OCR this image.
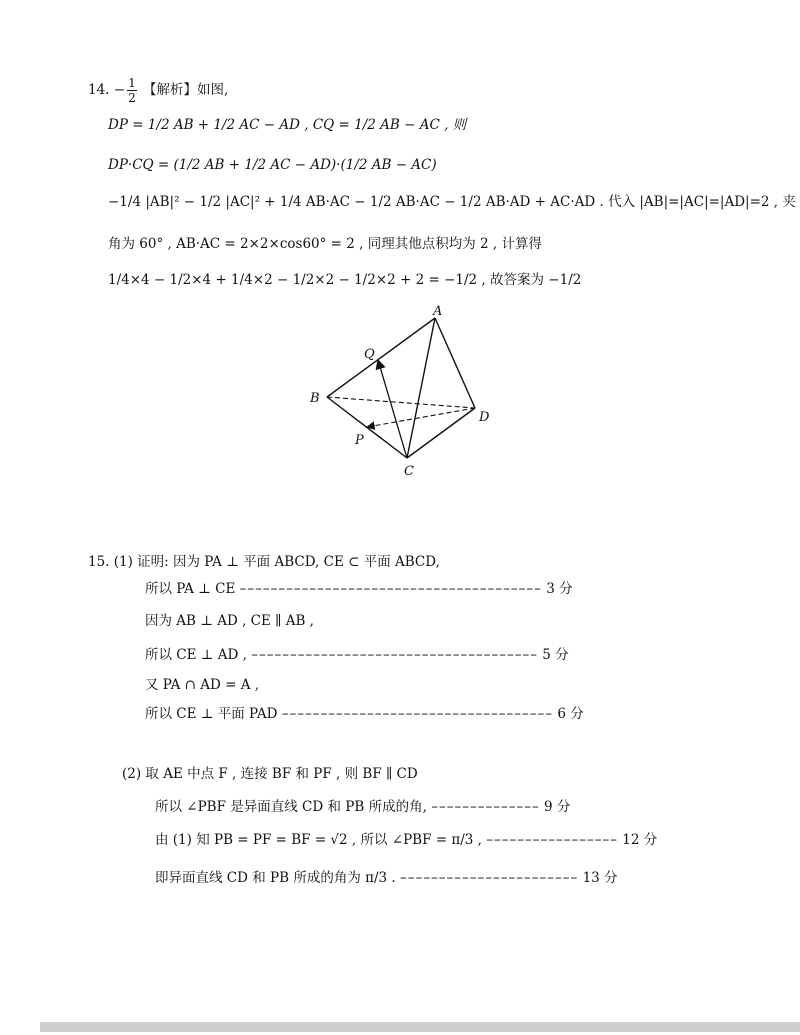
14. − $\frac{1}{2}$ 【解析】如图,
DP = 1/2 AB + 1/2 AC − AD , CQ = 1/2 AB − AC , 则
DP·CQ = (1/2 AB + 1/2 AC − AD)·(1/2 AB − AC)
−1/4 |AB|² − 1/2 |AC|² + 1/4 AB·AC − 1/2 AB·AC − 1/2 AB·AD + AC·AD . 代入 |AB|=|AC|=|AD|=2 , 夹
角为 60° , AB·AC = 2×2×cos60° = 2 , 同理其他点积均为 2 , 计算得
1/4×4 − 1/2×4 + 1/4×2 − 1/2×2 − 1/2×2 + 2 = −1/2 , 故答案为 −1/2
A
Q
B
D
P
C
15. (1) 证明: 因为 PA ⊥ 平面 ABCD, CE ⊂ 平面 ABCD,
所以 PA ⊥ CE ––––––––––––––––––––––––––––––––––––––– 3 分
因为 AB ⊥ AD , CE ∥ AB ,
所以 CE ⊥ AD , ––––––––––––––––––––––––––––––––––––– 5 分
又 PA ∩ AD = A ,
所以 CE ⊥ 平面 PAD ––––––––––––––––––––––––––––––––––– 6 分
(2) 取 AE 中点 F , 连接 BF 和 PF , 则 BF ∥ CD
所以 ∠PBF 是异面直线 CD 和 PB 所成的角, –––––––––––––– 9 分
由 (1) 知 PB = PF = BF = √2 , 所以 ∠PBF = π/3 , ––––––––––––––––– 12 分
即异面直线 CD 和 PB 所成的角为 π/3 . ––––––––––––––––––––––– 13 分
